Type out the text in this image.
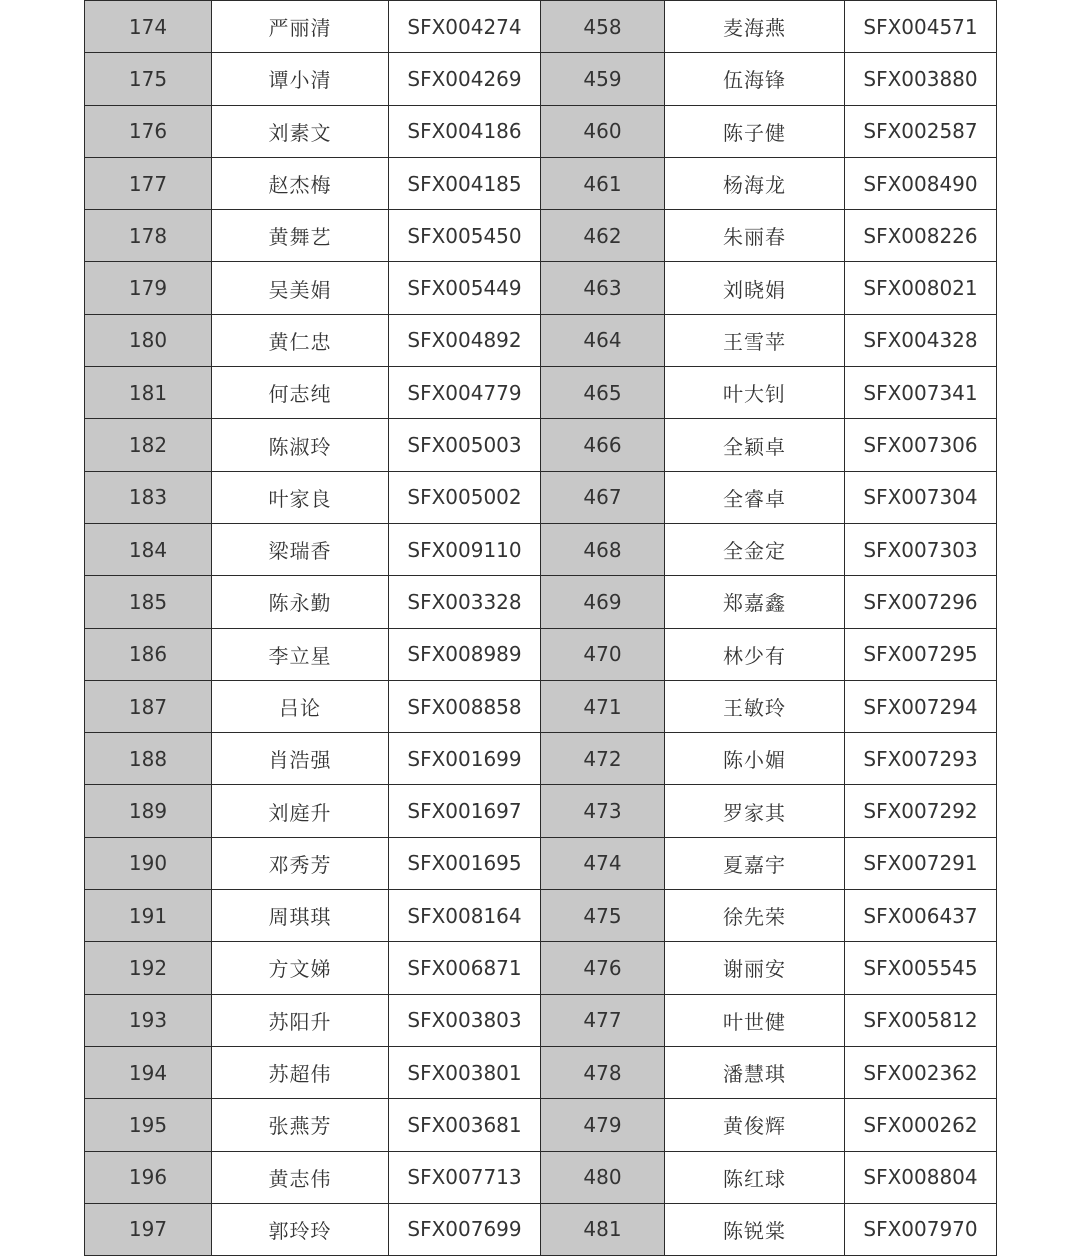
174	严丽清	SFX004274	458	麦海燕	SFX004571
175	谭小清	SFX004269	459	伍海锋	SFX003880
176	刘素文	SFX004186	460	陈子健	SFX002587
177	赵杰梅	SFX004185	461	杨海龙	SFX008490
178	黄舞艺	SFX005450	462	朱丽春	SFX008226
179	吴美娟	SFX005449	463	刘晓娟	SFX008021
180	黄仁忠	SFX004892	464	王雪苹	SFX004328
181	何志纯	SFX004779	465	叶大钊	SFX007341
182	陈淑玲	SFX005003	466	全颖卓	SFX007306
183	叶家良	SFX005002	467	全睿卓	SFX007304
184	梁瑞香	SFX009110	468	全金定	SFX007303
185	陈永勤	SFX003328	469	郑嘉鑫	SFX007296
186	李立星	SFX008989	470	林少有	SFX007295
187	吕论	SFX008858	471	王敏玲	SFX007294
188	肖浩强	SFX001699	472	陈小媚	SFX007293
189	刘庭升	SFX001697	473	罗家其	SFX007292
190	邓秀芳	SFX001695	474	夏嘉宇	SFX007291
191	周琪琪	SFX008164	475	徐先荣	SFX006437
192	方文娣	SFX006871	476	谢丽安	SFX005545
193	苏阳升	SFX003803	477	叶世健	SFX005812
194	苏超伟	SFX003801	478	潘慧琪	SFX002362
195	张燕芳	SFX003681	479	黄俊辉	SFX000262
196	黄志伟	SFX007713	480	陈红球	SFX008804
197	郭玲玲	SFX007699	481	陈锐棠	SFX007970
